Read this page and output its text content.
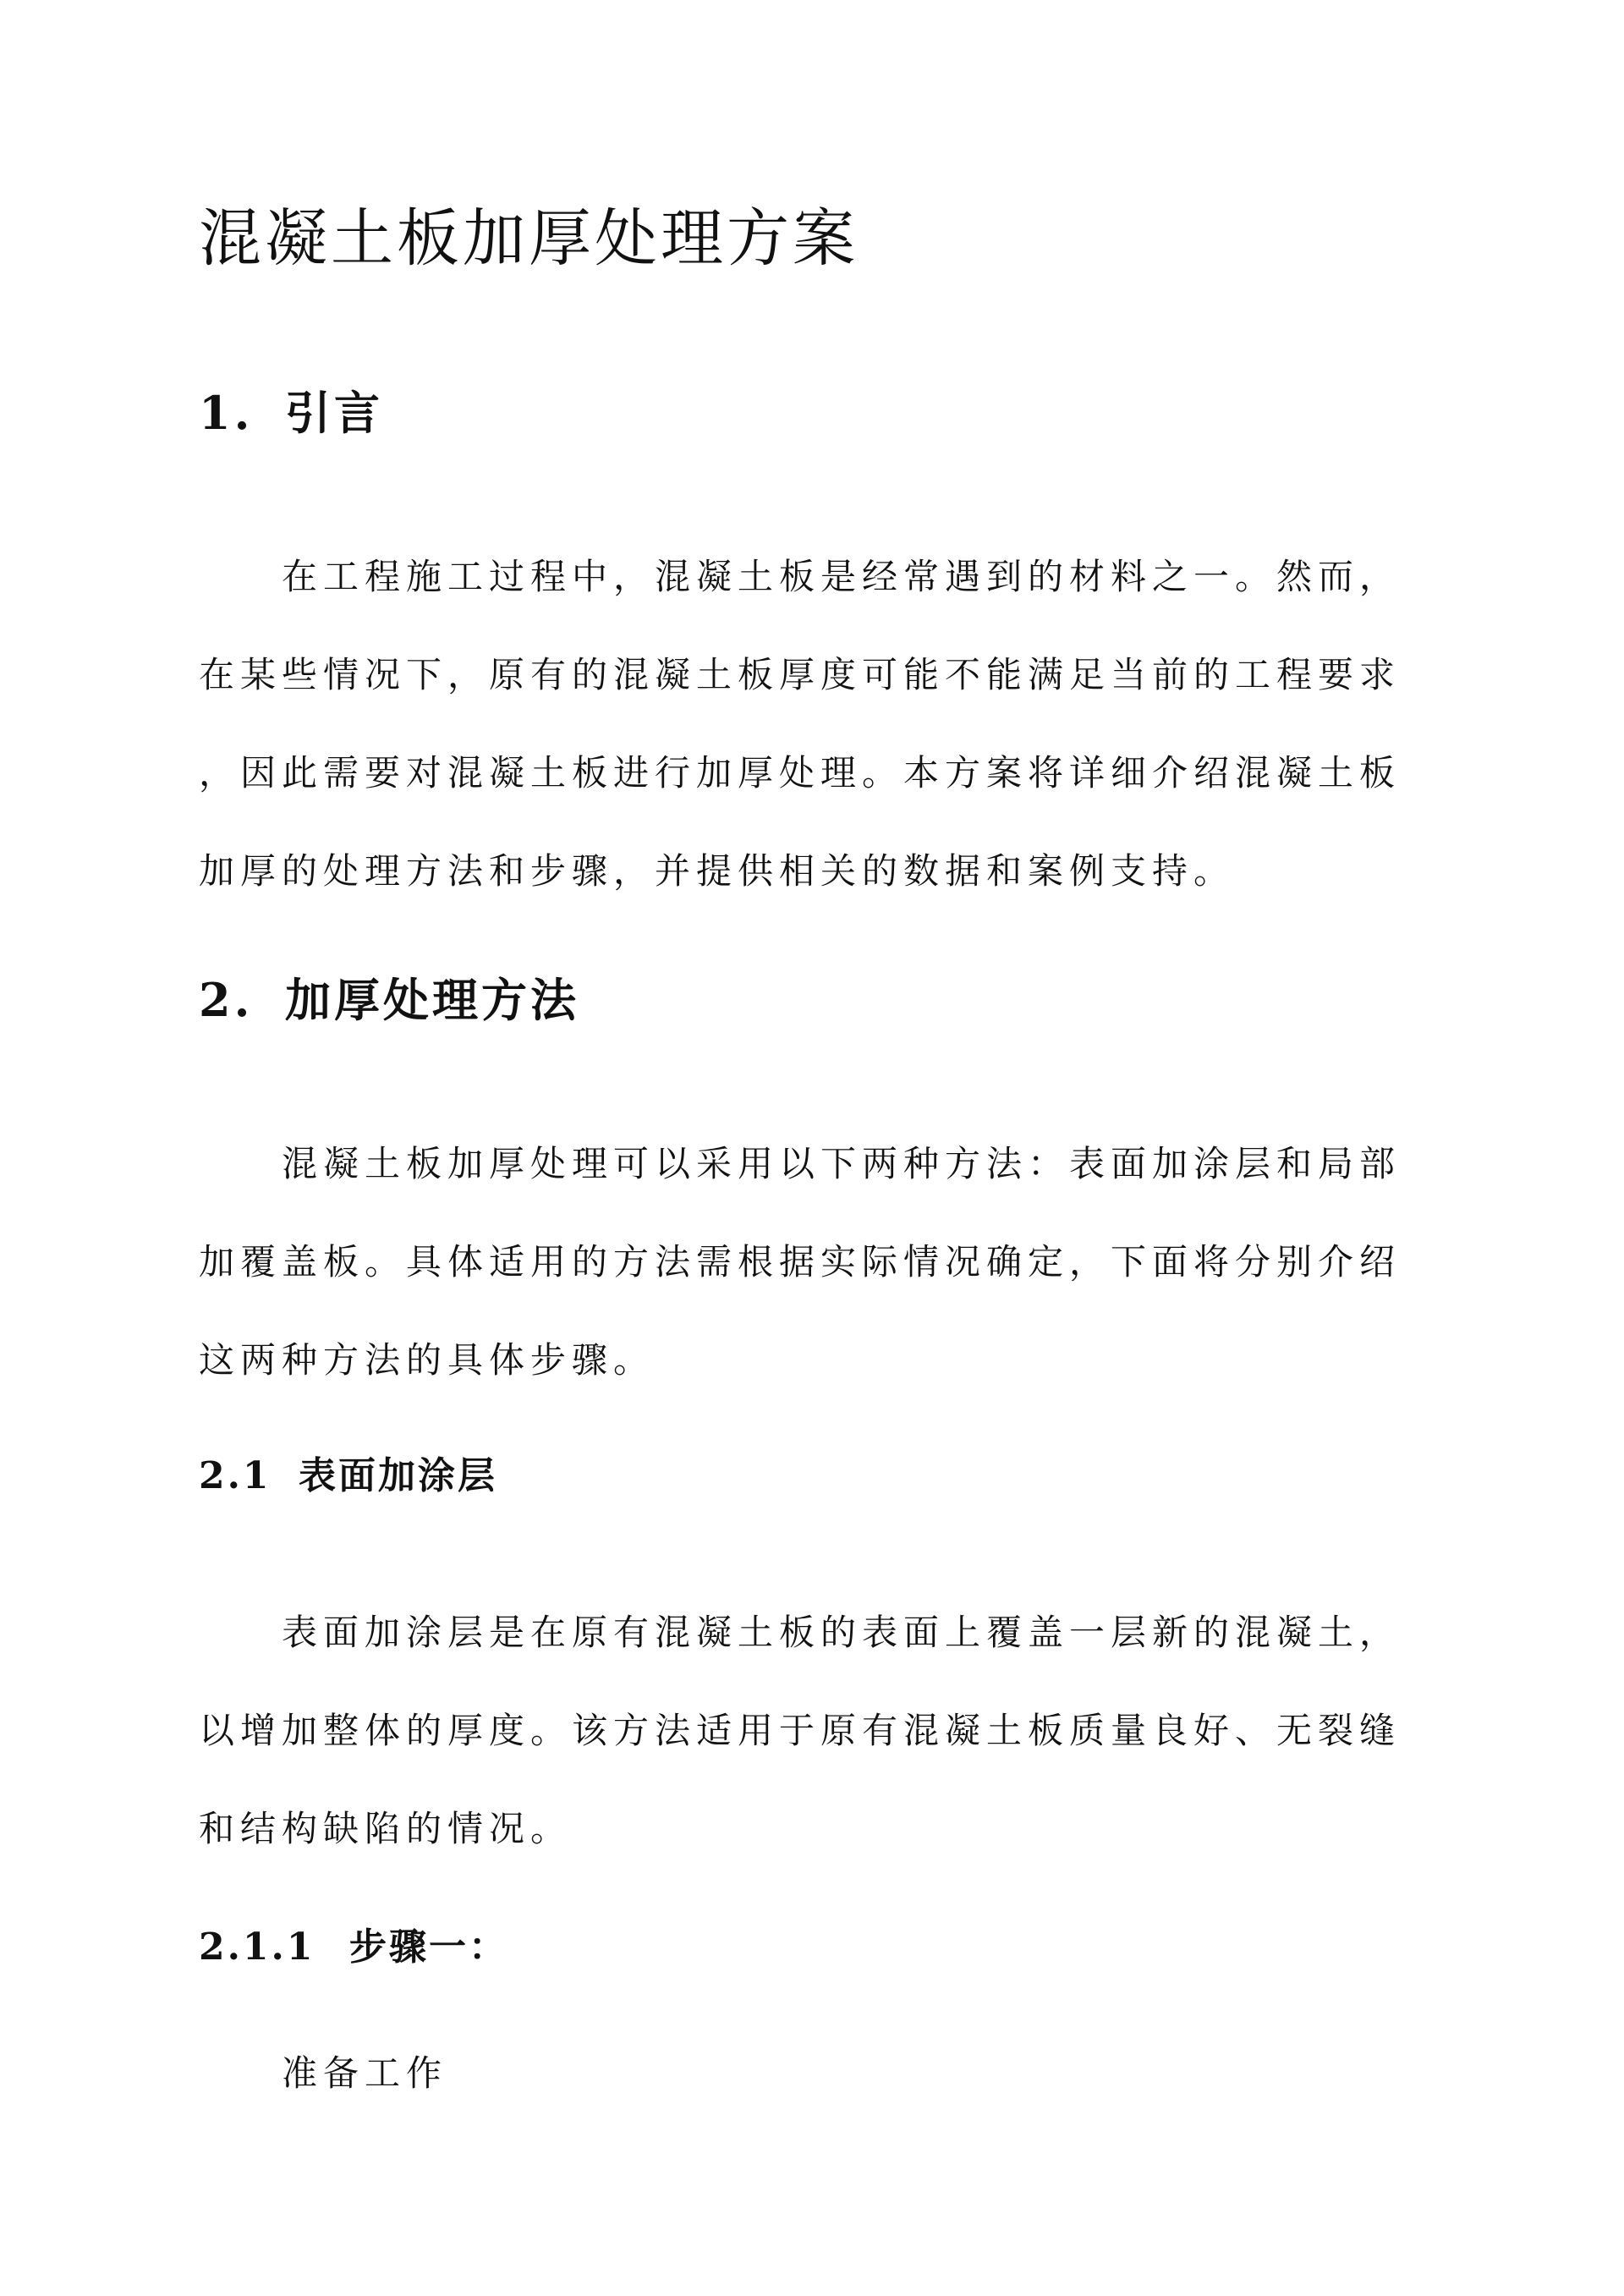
混凝土板加厚处理方案
1. 引言
在工程施工过程中，混凝土板是经常遇到的材料之一。然而，
在某些情况下，原有的混凝土板厚度可能不能满足当前的工程要求
，因此需要对混凝土板进行加厚处理。本方案将详细介绍混凝土板
加厚的处理方法和步骤，并提供相关的数据和案例支持。
2. 加厚处理方法
混凝土板加厚处理可以采用以下两种方法：表面加涂层和局部
加覆盖板。具体适用的方法需根据实际情况确定，下面将分别介绍
这两种方法的具体步骤。
2.1 表面加涂层
表面加涂层是在原有混凝土板的表面上覆盖一层新的混凝土，
以增加整体的厚度。该方法适用于原有混凝土板质量良好、无裂缝
和结构缺陷的情况。
2.1.1 步骤一：
准备工作
